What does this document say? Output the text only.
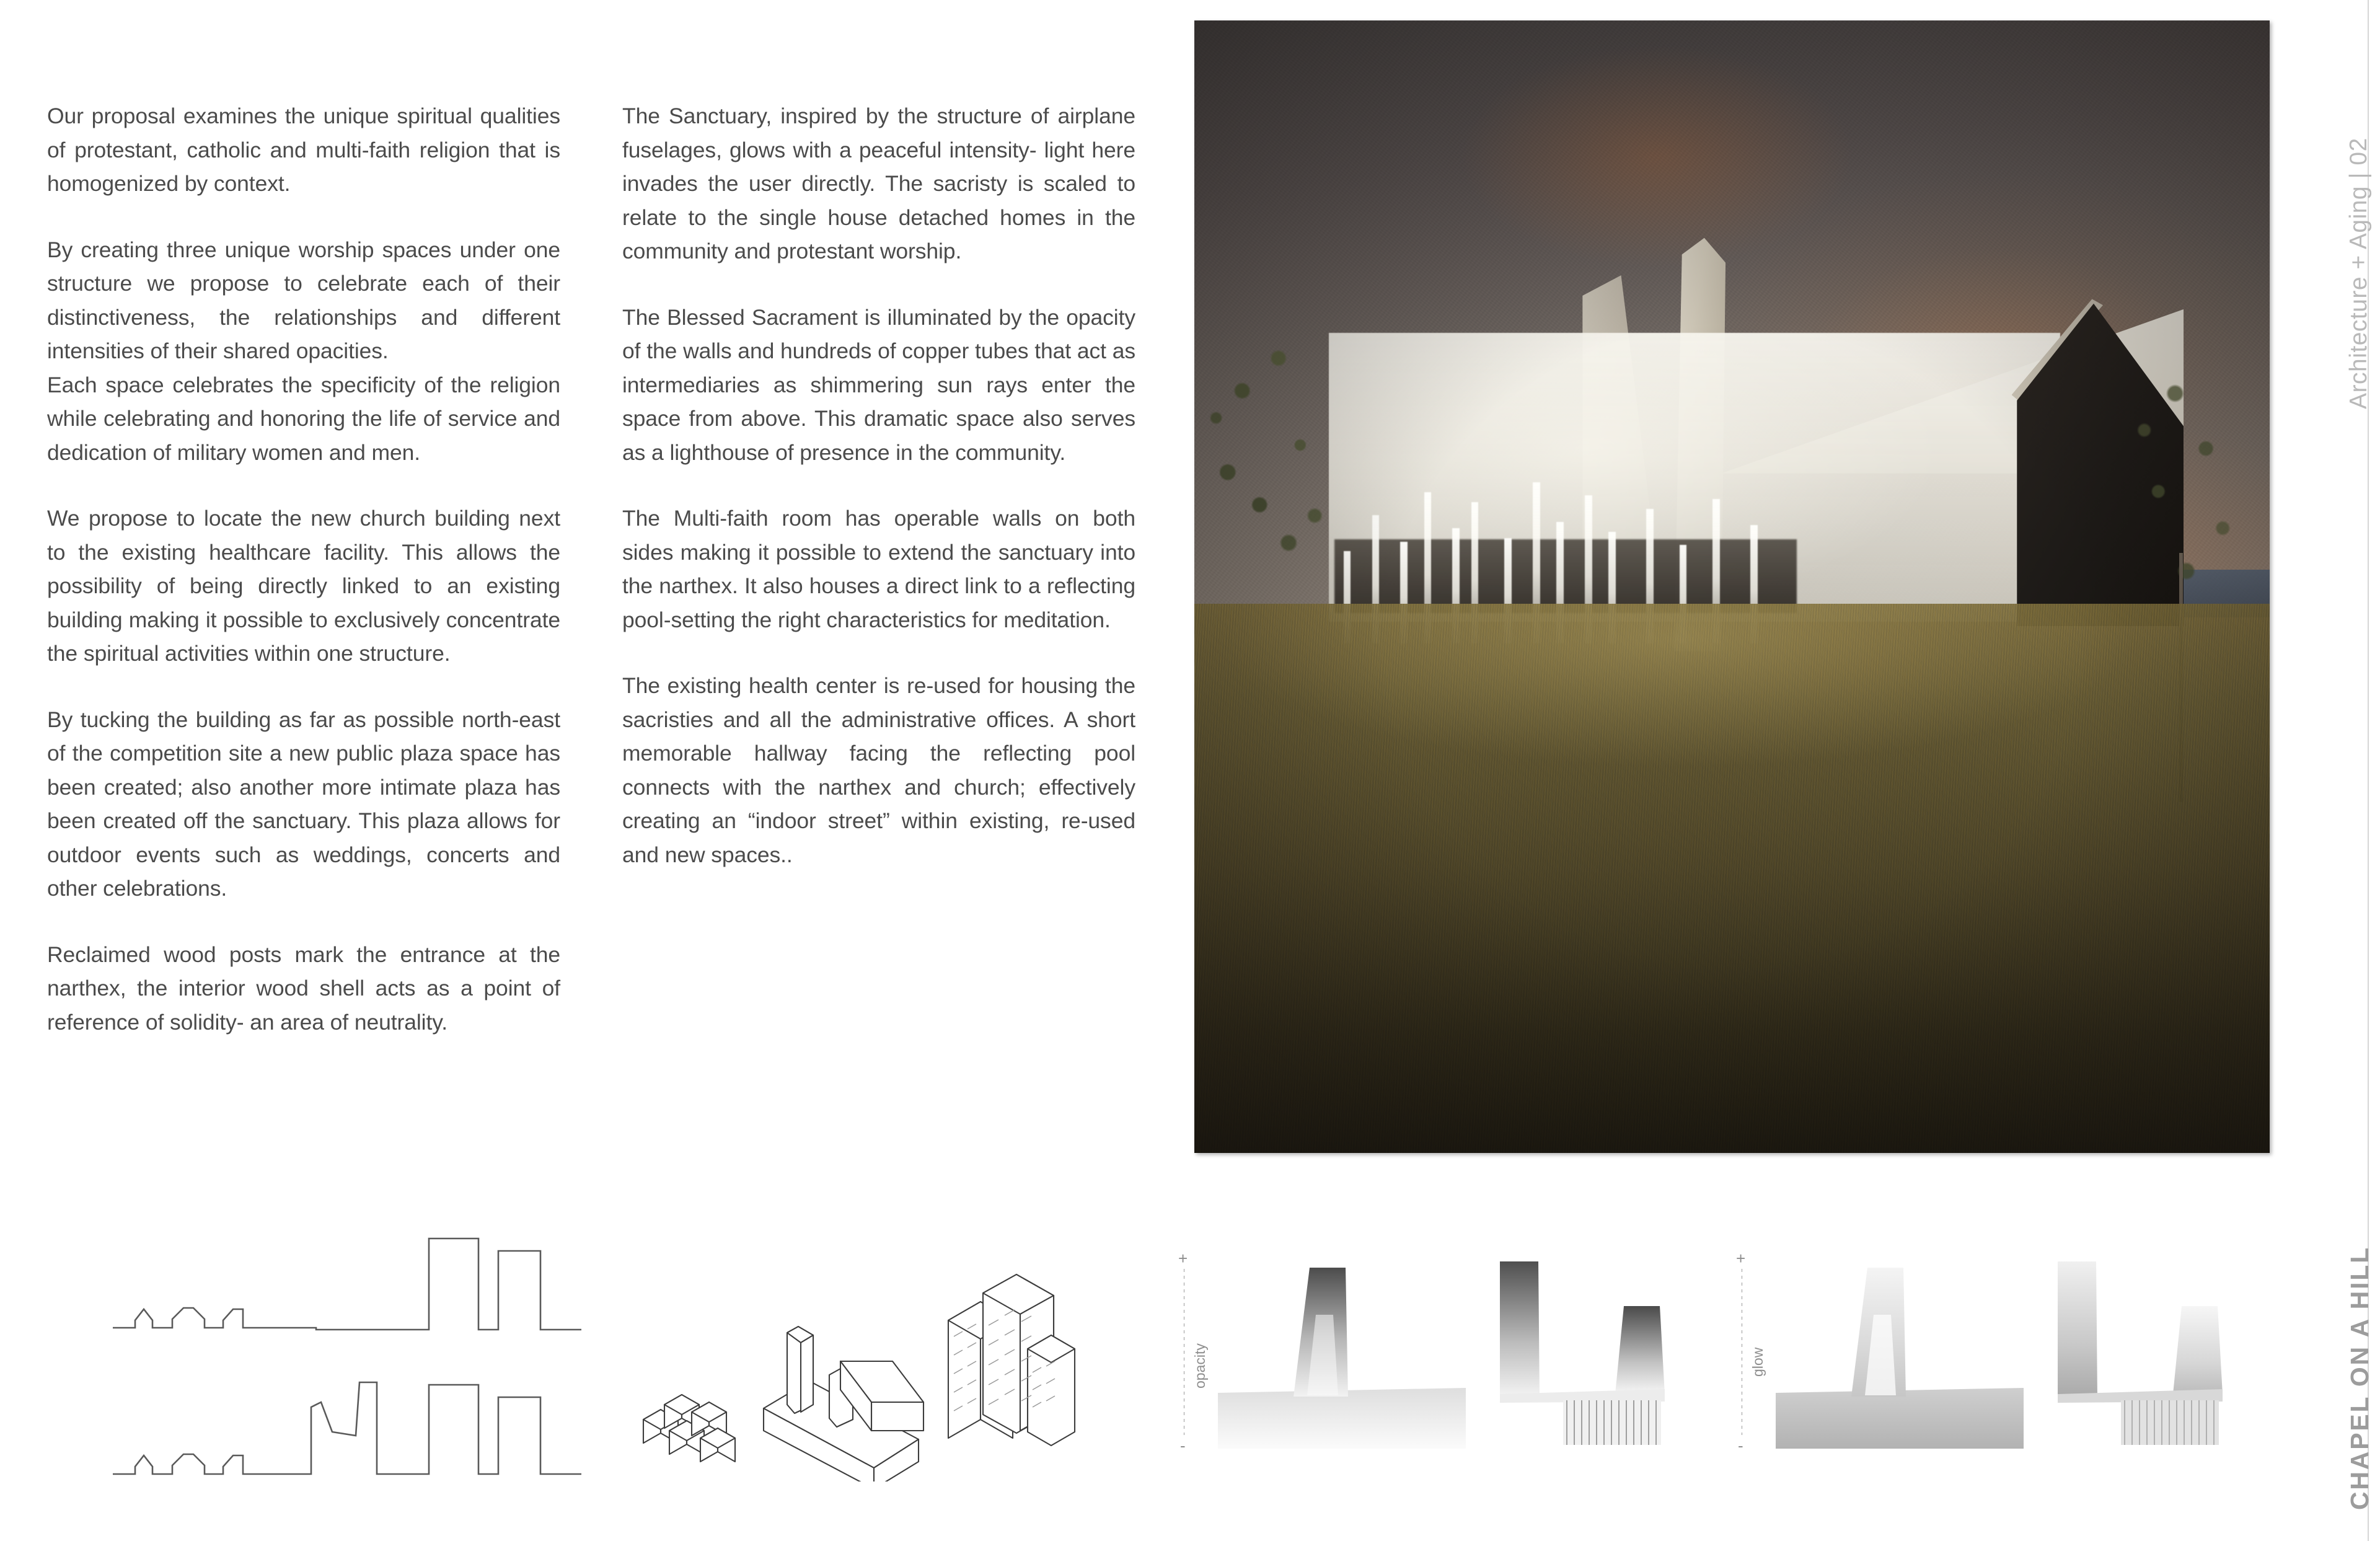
Our proposal examines the unique spiritual qualities of protestant, catholic and multi-faith religion that is homogenized by context.

By creating three unique worship spaces under one structure we propose to celebrate each of their distinctiveness, the relationships and different intensities of their shared opacities.

Each space celebrates the specificity of the religion while celebrating and honoring the life of service and dedication of military women and men.

We propose to locate the new church building next to the existing healthcare facility. This allows the possibility of being directly linked to an existing building making it possible to exclusively concentrate the spiritual activities within one structure.

By tucking the building as far as possible north-east of the competition site a new public plaza space has been created; also another more intimate plaza has been created off the sanctuary. This plaza allows for outdoor events such as weddings, concerts and other celebrations.

Reclaimed wood posts mark the entrance at the narthex, the interior wood shell acts as a point of reference of solidity- an area of neutrality.

The Sanctuary, inspired by the structure of airplane fuselages, glows with a peaceful intensity- light here invades the user directly. The sacristy is scaled to relate to the single house detached homes in the community and protestant worship.

The Blessed Sacrament is illuminated by the opacity of the walls and hundreds of copper tubes that act as intermediaries as shimmering sun rays enter the space from above. This dramatic space also serves as a lighthouse of presence in the community.

The Multi-faith room has operable walls on both sides making it possible to extend the sanctuary into the narthex. It also houses a direct link to a reflecting pool-setting the right characteristics for meditation.

The existing health center is re-used for housing the sacristies and all the administrative offices. A short memorable hallway facing the reflecting pool connects with the narthex and church; effectively creating an “indoor street” within existing, re-used and new spaces..

Architecture + Aging | 02
CHAPEL ON A HILL
+
-
opacity
+
-
glow
